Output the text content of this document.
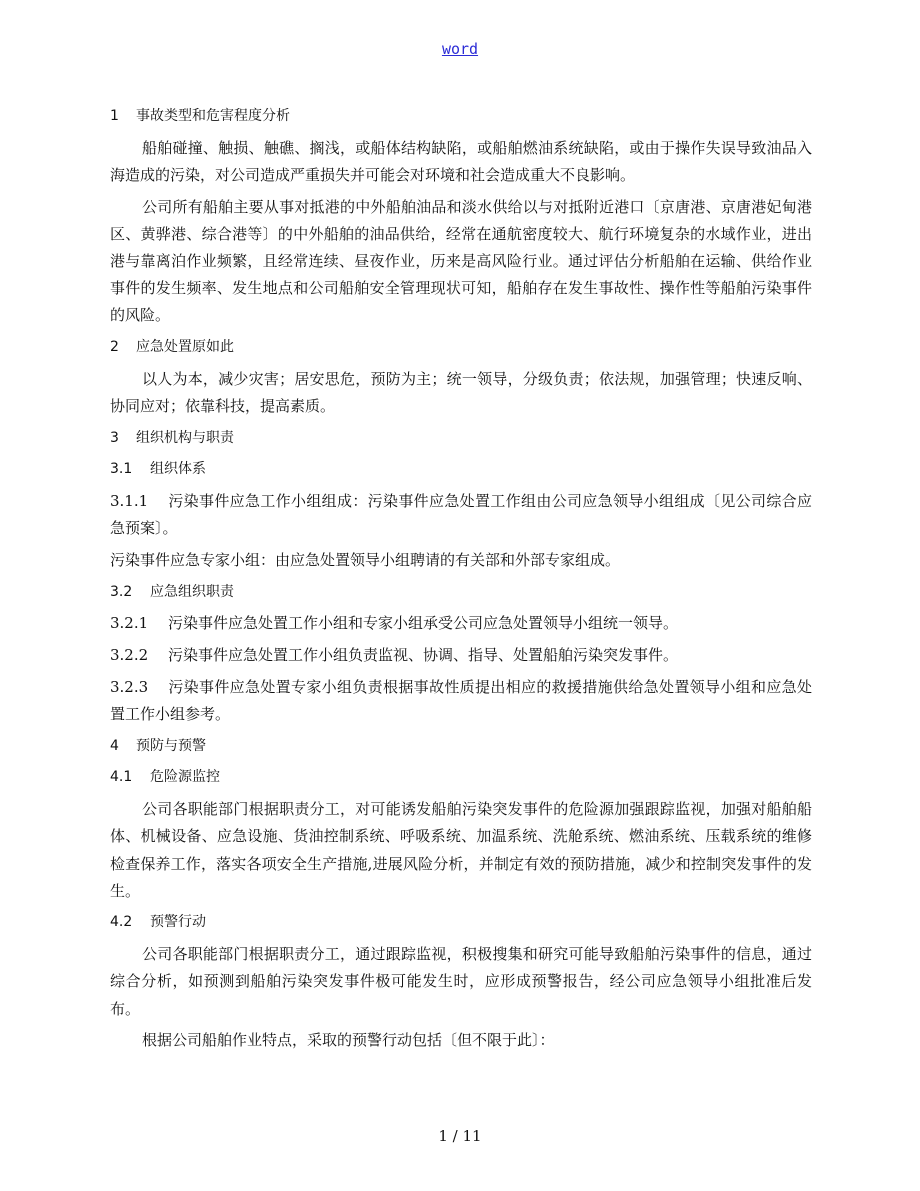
word
1 事故类型和危害程度分析
船舶碰撞、触损、触礁、搁浅，或船体结构缺陷，或船舶燃油系统缺陷，或由于操作失误导致油品入海造成的污染，对公司造成严重损失并可能会对环境和社会造成重大不良影响。
公司所有船舶主要从事对抵港的中外船舶油品和淡水供给以与对抵附近港口〔京唐港、京唐港妃甸港区、黄骅港、综合港等〕的中外船舶的油品供给，经常在通航密度较大、航行环境复杂的水域作业，进出港与靠离泊作业频繁，且经常连续、昼夜作业，历来是高风险行业。通过评估分析船舶在运输、供给作业事件的发生频率、发生地点和公司船舶安全管理现状可知，船舶存在发生事故性、操作性等船舶污染事件的风险。
2 应急处置原如此
以人为本，减少灾害；居安思危，预防为主；统一领导，分级负责；依法规，加强管理；快速反响、协同应对；依靠科技，提高素质。
3 组织机构与职责
3.1 组织体系
3.1.1 污染事件应急工作小组组成：污染事件应急处置工作组由公司应急领导小组组成〔见公司综合应急预案〕。
污染事件应急专家小组：由应急处置领导小组聘请的有关部和外部专家组成。
3.2 应急组织职责
3.2.1 污染事件应急处置工作小组和专家小组承受公司应急处置领导小组统一领导。
3.2.2 污染事件应急处置工作小组负责监视、协调、指导、处置船舶污染突发事件。
3.2.3 污染事件应急处置专家小组负责根据事故性质提出相应的救援措施供给急处置领导小组和应急处置工作小组参考。
4 预防与预警
4.1 危险源监控
公司各职能部门根据职责分工，对可能诱发船舶污染突发事件的危险源加强跟踪监视，加强对船舶船体、机械设备、应急设施、货油控制系统、呼吸系统、加温系统、洗舱系统、燃油系统、压载系统的维修检查保养工作，落实各项安全生产措施,进展风险分析，并制定有效的预防措施，减少和控制突发事件的发生。
4.2 预警行动
公司各职能部门根据职责分工，通过跟踪监视，积极搜集和研究可能导致船舶污染事件的信息，通过综合分析，如预测到船舶污染突发事件极可能发生时，应形成预警报告，经公司应急领导小组批准后发布。
根据公司船舶作业特点，采取的预警行动包括〔但不限于此〕：
1 / 11
